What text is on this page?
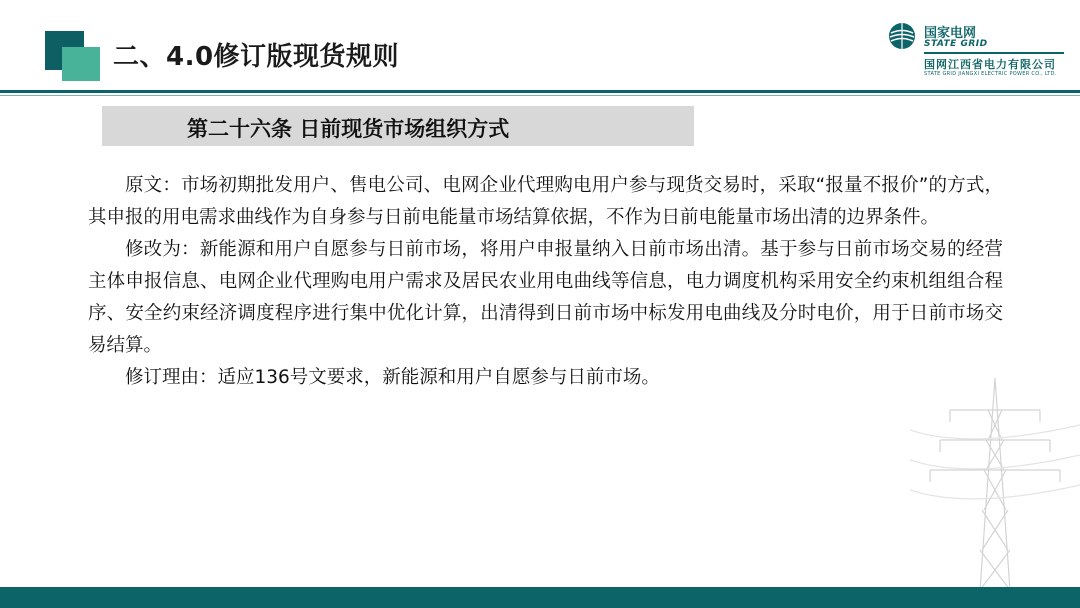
二、4.0修订版现货规则
国家电网
STATE GRID
国网江西省电力有限公司
STATE GRID JIANGXI ELECTRIC POWER CO., LTD.
第二十六条 日前现货市场组织方式

原文：市场初期批发用户、售电公司、电网企业代理购电用户参与现货交易时，采取“报量不报价”的方式，其申报的用电需求曲线作为自身参与日前电能量市场结算依据，不作为日前电能量市场出清的边界条件。

修改为：新能源和用户自愿参与日前市场，将用户申报量纳入日前市场出清。基于参与日前市场交易的经营主体申报信息、电网企业代理购电用户需求及居民农业用电曲线等信息，电力调度机构采用安全约束机组组合程序、安全约束经济调度程序进行集中优化计算，出清得到日前市场中标发用电曲线及分时电价，用于日前市场交易结算。

修订理由：适应136号文要求，新能源和用户自愿参与日前市场。
